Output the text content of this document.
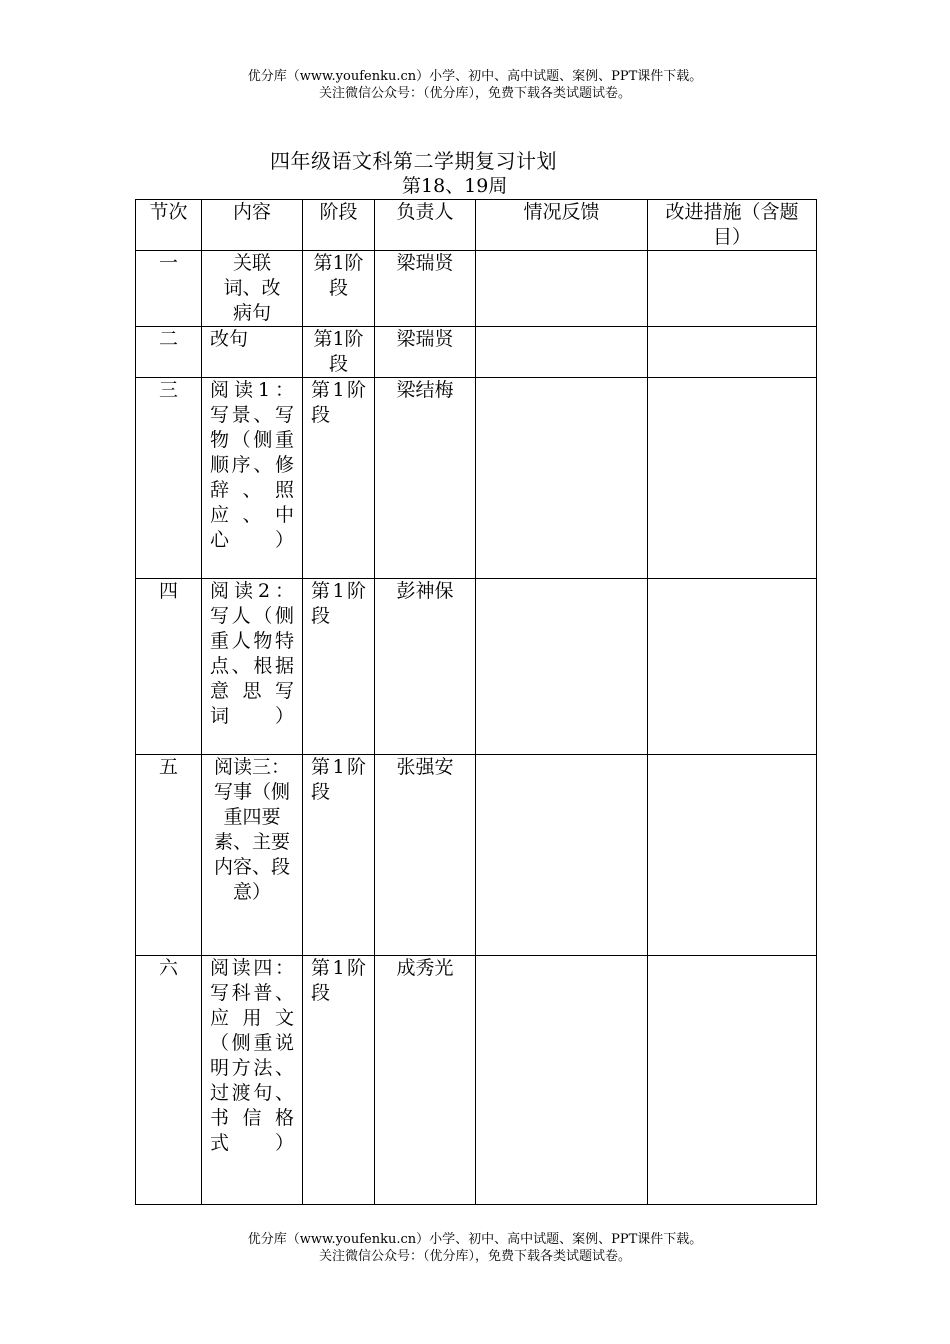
优分库（www.youfenku.cn）小学、初中、高中试题、案例、PPT课件下载。
关注微信公众号：（优分库），免费下载各类试题试卷。
四年级语文科第二学期复习计划
第18、19周
节次	内容	阶段	负责人	情况反馈	改进措施（含题目）
一	关联词、改病句	第1阶段	梁瑞贤		
二	改句	第1阶段	梁瑞贤		
三	阅读1：写景、写物（侧重顺序、修辞、照应、中心）	第1阶段	梁结梅		
四	阅读2：写人（侧重人物特点、根据意思写词）	第1阶段	彭神保		
五	阅读三：写事（侧重四要素、主要内容、段意）	第1阶段	张强安		
六	阅读四：写科普、应用文（侧重说明方法、过渡句、书信格式）	第1阶段	成秀光		
优分库（www.youfenku.cn）小学、初中、高中试题、案例、PPT课件下载。
关注微信公众号：（优分库），免费下载各类试题试卷。
